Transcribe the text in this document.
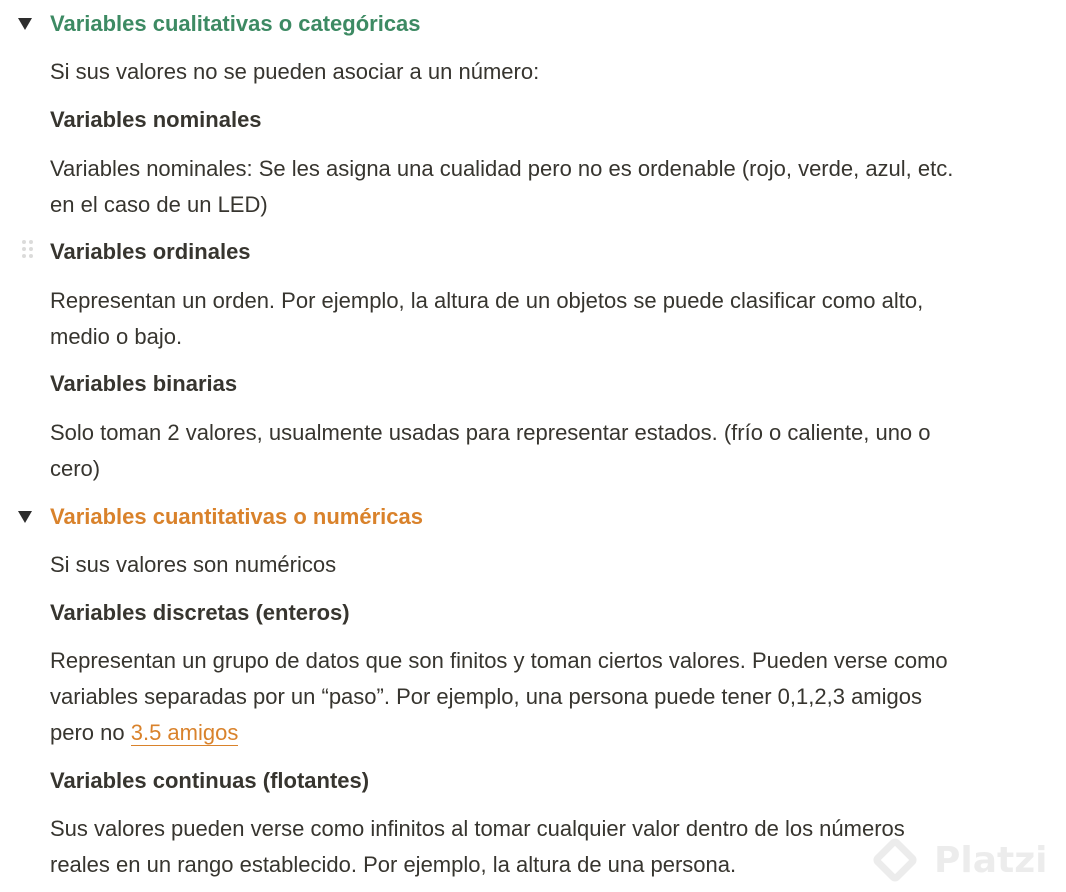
Variables cualitativas o categóricas
Si sus valores no se pueden asociar a un número:
Variables nominales
Variables nominales: Se les asigna una cualidad pero no es ordenable (rojo, verde, azul, etc.
en el caso de un LED)
Variables ordinales
Representan un orden. Por ejemplo, la altura de un objetos se puede clasificar como alto,
medio o bajo.
Variables binarias
Solo toman 2 valores, usualmente usadas para representar estados. (frío o caliente, uno o
cero)
Variables cuantitativas o numéricas
Si sus valores son numéricos
Variables discretas (enteros)
Representan un grupo de datos que son finitos y toman ciertos valores. Pueden verse como
variables separadas por un “paso”. Por ejemplo, una persona puede tener 0,1,2,3 amigos
pero no 3.5 amigos
Variables continuas (flotantes)
Sus valores pueden verse como infinitos al tomar cualquier valor dentro de los números
reales en un rango establecido. Por ejemplo, la altura de una persona.	Platzi
